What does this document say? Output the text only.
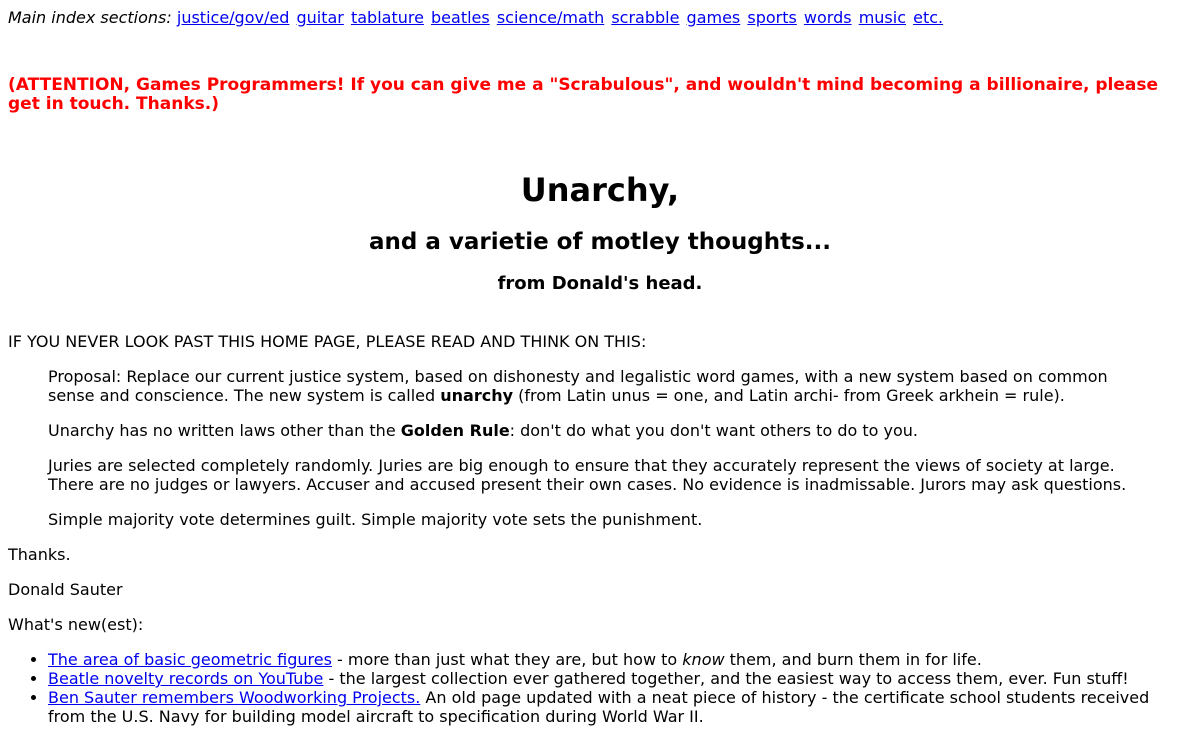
Main index sections: justice/gov/ed guitar tablature beatles science/math scrabble games sports words music etc.
(ATTENTION, Games Programmers! If you can give me a "Scrabulous", and wouldn't mind becoming a billionaire, please get in touch. Thanks.)
Unarchy,
and a varietie of motley thoughts...
from Donald's head.

IF YOU NEVER LOOK PAST THIS HOME PAGE, PLEASE READ AND THINK ON THIS:

Proposal: Replace our current justice system, based on dishonesty and legalistic word games, with a new system based on common sense and conscience. The new system is called unarchy (from Latin unus = one, and Latin archi- from Greek arkhein = rule).

Unarchy has no written laws other than the Golden Rule: don't do what you don't want others to do to you.

Juries are selected completely randomly. Juries are big enough to ensure that they accurately represent the views of society at large. There are no judges or lawyers. Accuser and accused present their own cases. No evidence is inadmissable. Jurors may ask questions.

Simple majority vote determines guilt. Simple majority vote sets the punishment.

Thanks.

Donald Sauter

What's new(est):

• The area of basic geometric figures - more than just what they are, but how to know them, and burn them in for life.
• Beatle novelty records on YouTube - the largest collection ever gathered together, and the easiest way to access them, ever. Fun stuff!
• Ben Sauter remembers Woodworking Projects. An old page updated with a neat piece of history - the certificate school students received from the U.S. Navy for building model aircraft to specification during World War II.
